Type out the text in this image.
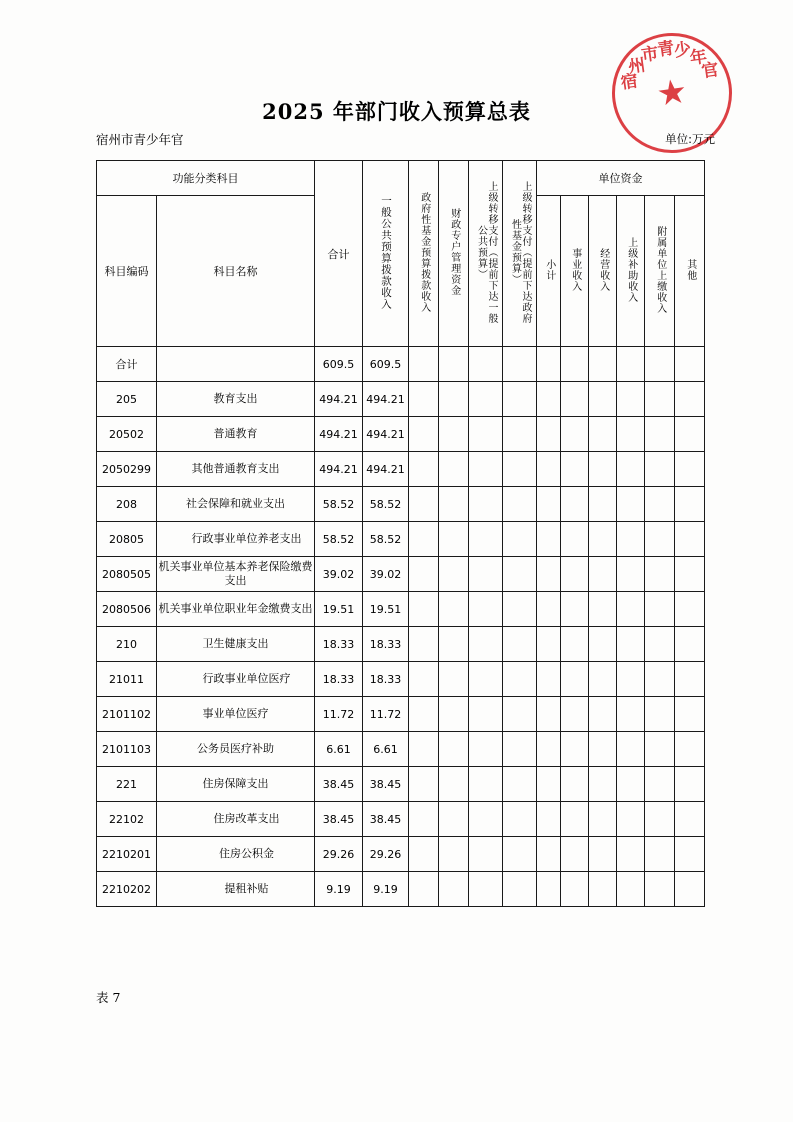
★
宿
州
市
青
少
年
官
2025 年部门收入预算总表
宿州市青少年官	单位:万元
功能分类科目		合计	一般公共预算拨款收入	政府性基金预算拨款收入	财政专户管理资金	上级转移支付（提前下达一般公共预算）	上级转移支付（提前下达政府性基金预算）	单位资金					
科目编码	科目名称							小计	事业收入	经营收入	上级补助收入	附属单位上缴收入	其他
合计		609.5	609.5										
205	教育支出	494.21	494.21										
20502	普通教育	494.21	494.21										
2050299	其他普通教育支出	494.21	494.21										
208	社会保障和就业支出	58.52	58.52										
20805	行政事业单位养老支出	58.52	58.52										
2080505	机关事业单位基本养老保险缴费支出	39.02	39.02										
2080506	机关事业单位职业年金缴费支出	19.51	19.51										
210	卫生健康支出	18.33	18.33										
21011	行政事业单位医疗	18.33	18.33										
2101102	事业单位医疗	11.72	11.72										
2101103	公务员医疗补助	6.61	6.61										
221	住房保障支出	38.45	38.45										
22102	住房改革支出	38.45	38.45										
2210201	住房公积金	29.26	29.26										
2210202	提租补贴	9.19	9.19										
表 7
